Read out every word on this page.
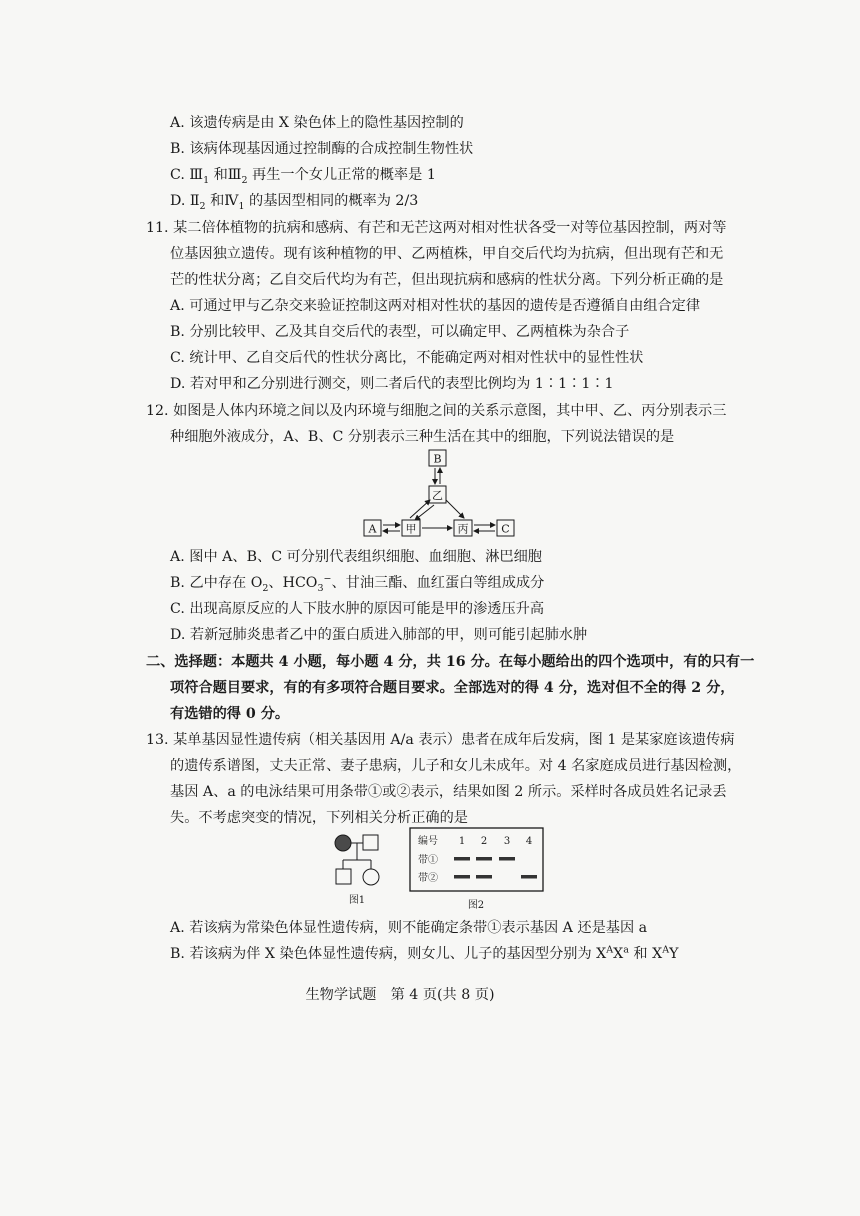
A. 该遗传病是由 X 染色体上的隐性基因控制的
B. 该病体现基因通过控制酶的合成控制生物性状
C. $Ⅲ_1$ 和$Ⅲ_2$ 再生一个女儿正常的概率是 1
D. $Ⅱ_2$ 和$Ⅳ_1$ 的基因型相同的概率为 2/3
11. 某二倍体植物的抗病和感病、有芒和无芒这两对相对性状各受一对等位基因控制，两对等
位基因独立遗传。现有该种植物的甲、乙两植株，甲自交后代均为抗病，但出现有芒和无
芒的性状分离；乙自交后代均为有芒，但出现抗病和感病的性状分离。下列分析正确的是
A. 可通过甲与乙杂交来验证控制这两对相对性状的基因的遗传是否遵循自由组合定律
B. 分别比较甲、乙及其自交后代的表型，可以确定甲、乙两植株为杂合子
C. 统计甲、乙自交后代的性状分离比，不能确定两对相对性状中的显性性状
D. 若对甲和乙分别进行测交，则二者后代的表型比例均为 1∶1∶1∶1
12. 如图是人体内环境之间以及内环境与细胞之间的关系示意图，其中甲、乙、丙分别表示三
种细胞外液成分，A、B、C 分别表示三种生活在其中的细胞，下列说法错误的是
B
乙
A	甲	丙	C
A. 图中 A、B、C 可分别代表组织细胞、血细胞、淋巴细胞
B. 乙中存在 $O_2$、$HCO_3^-$、甘油三酯、血红蛋白等组成成分
C. 出现高原反应的人下肢水肿的原因可能是甲的渗透压升高
D. 若新冠肺炎患者乙中的蛋白质进入肺部的甲，则可能引起肺水肿
二、选择题：本题共 4 小题，每小题 4 分，共 16 分。在每小题给出的四个选项中，有的只有一
项符合题目要求，有的有多项符合题目要求。全部选对的得 4 分，选对但不全的得 2 分，
有选错的得 0 分。
13. 某单基因显性遗传病（相关基因用 A/a 表示）患者在成年后发病，图 1 是某家庭该遗传病
的遗传系谱图，丈夫正常、妻子患病，儿子和女儿未成年。对 4 名家庭成员进行基因检测，
基因 A、a 的电泳结果可用条带①或②表示，结果如图 2 所示。采样时各成员姓名记录丢
失。不考虑突变的情况，下列相关分析正确的是
图1
编号 1 2 3 4
带①
带②
图2
A. 若该病为常染色体显性遗传病，则不能确定条带①表示基因 A 还是基因 a
B. 若该病为伴 X 染色体显性遗传病，则女儿、儿子的基因型分别为 $X^AX^a$ 和 $X^AY$
生物学试题　第 4 页(共 8 页)
